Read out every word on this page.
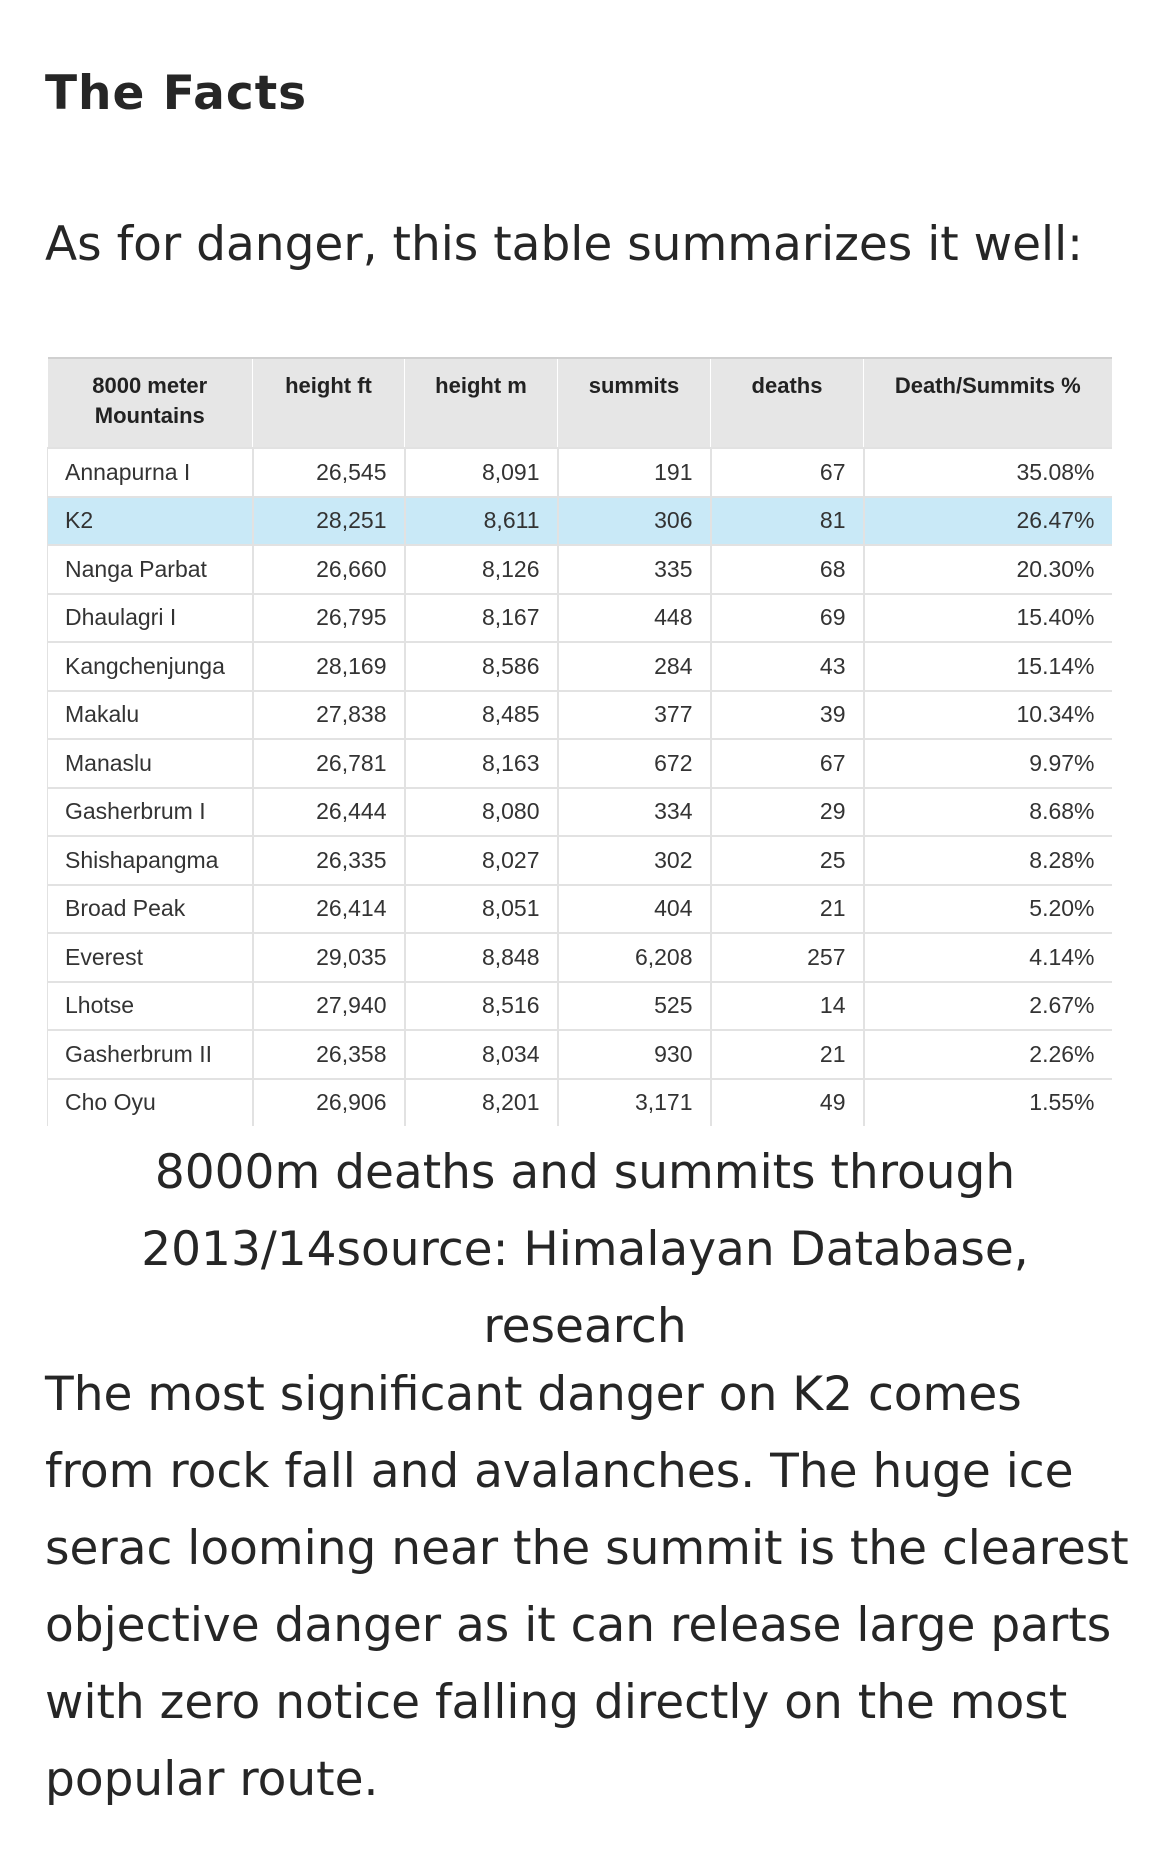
The Facts

As for danger, this table summarizes it well:

8000 meter Mountains	height ft	height m	summits	deaths	Death/Summits %
Annapurna I	26,545	8,091	191	67	35.08%
K2	28,251	8,611	306	81	26.47%
Nanga Parbat	26,660	8,126	335	68	20.30%
Dhaulagri I	26,795	8,167	448	69	15.40%
Kangchenjunga	28,169	8,586	284	43	15.14%
Makalu	27,838	8,485	377	39	10.34%
Manaslu	26,781	8,163	672	67	9.97%
Gasherbrum I	26,444	8,080	334	29	8.68%
Shishapangma	26,335	8,027	302	25	8.28%
Broad Peak	26,414	8,051	404	21	5.20%
Everest	29,035	8,848	6,208	257	4.14%
Lhotse	27,940	8,516	525	14	2.67%
Gasherbrum II	26,358	8,034	930	21	2.26%
Cho Oyu	26,906	8,201	3,171	49	1.55%

8000m deaths and summits through
2013/14source: Himalayan Database, research

The most significant danger on K2 comes from rock fall and avalanches. The huge ice serac looming near the summit is the clearest objective danger as it can release large parts with zero notice falling directly on the most popular route.
